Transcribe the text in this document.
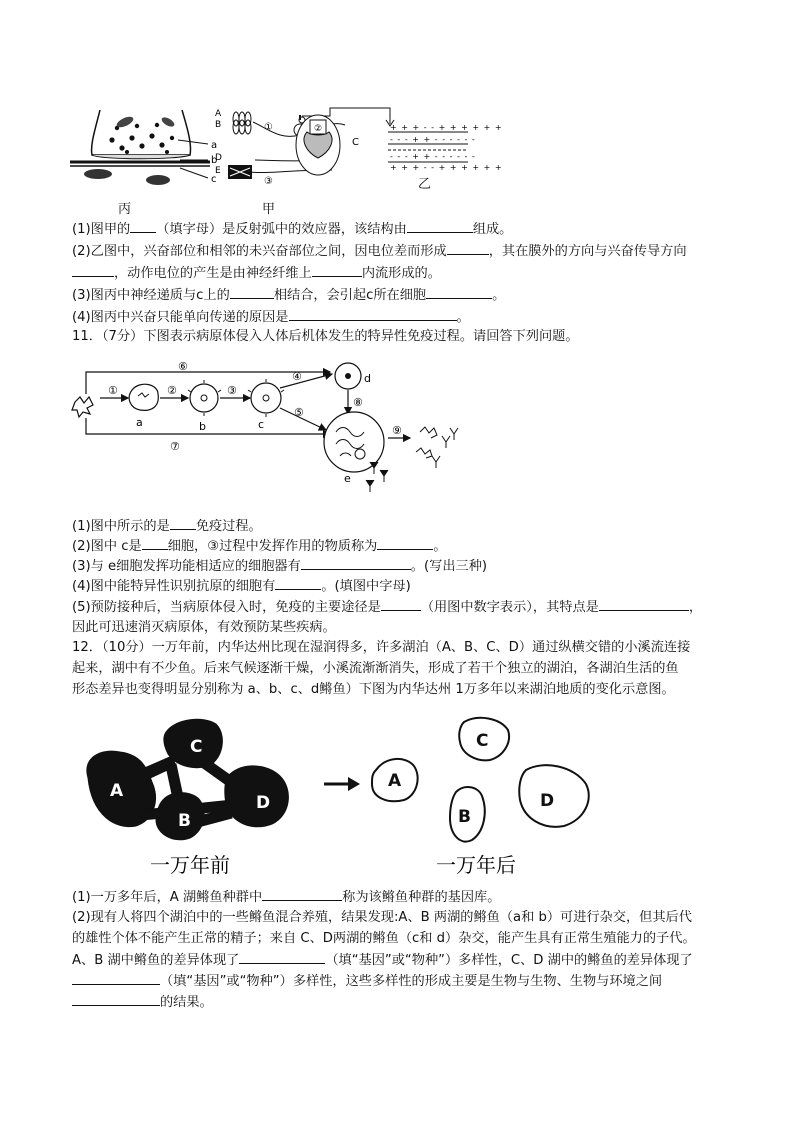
a
b
c
A
B
D
E
①
③
②
C
+ + + - - + + + + + +
- - - + + - - - - - -
- - - + + - - - - - -
+ + + - - + + + + + +
丙	甲
乙
(1)图甲的 （填字母）是反射弧中的效应器，该结构由	组成。
(2)乙图中，兴奋部位和相邻的未兴奋部位之间，因电位差而形成	，其在膜外的方向与兴奋传导方向
，动作电位的产生是由神经纤维上	内流形成的。
(3)图丙中神经递质与c上的	相结合，会引起c所在细胞	。
(4)图丙中兴奋只能单向传递的原因是	。
11．（7分）下图表示病原体侵入人体后机体发生的特异性免疫过程。请回答下列问题。
⑥
①	②	③
④
⑤
⑧
⑨
⑦
a	b	c
d
e
(1)图中所示的是 免疫过程。
(2)图中 c是 细胞，③过程中发挥作用的物质称为	。
(3)与 e细胞发挥功能相适应的细胞器有	。(写出三种)
(4)图中能特异性识别抗原的细胞有	。(填图中字母)
(5)预防接种后，当病原体侵入时，免疫的主要途径是	（用图中数字表示），其特点是	，
因此可迅速消灭病原体，有效预防某些疾病。
12．（10分）一万年前，内华达州比现在湿润得多，许多湖泊（A、B、C、D）通过纵横交错的小溪流连接
起来，湖中有不少鱼。后来气候逐渐干燥，小溪流渐渐消失，形成了若干个独立的湖泊，各湖泊生活的鱼
形态差异也变得明显分别称为 a、b、c、d鳉鱼）下图为内华达州 1万多年以来湖泊地质的变化示意图。
A
C
B
D
A
C
B
D
一万年前	一万年后
(1)一万多年后，A 湖鳉鱼种群中	称为该鳉鱼种群的基因库。
(2)现有人将四个湖泊中的一些鳉鱼混合养殖，结果发现:A、B 两湖的鳉鱼（a和 b）可进行杂交，但其后代
的雄性个体不能产生正常的精子；来自 C、D两湖的鳉鱼（c和 d）杂交，能产生具有正常生殖能力的子代。
A、B 湖中鳉鱼的差异体现了	（填“基因”或“物种”）多样性，C、D 湖中的鳉鱼的差异体现了
（填“基因”或“物种”）多样性，这些多样性的形成主要是生物与生物、生物与环境之间
的结果。
